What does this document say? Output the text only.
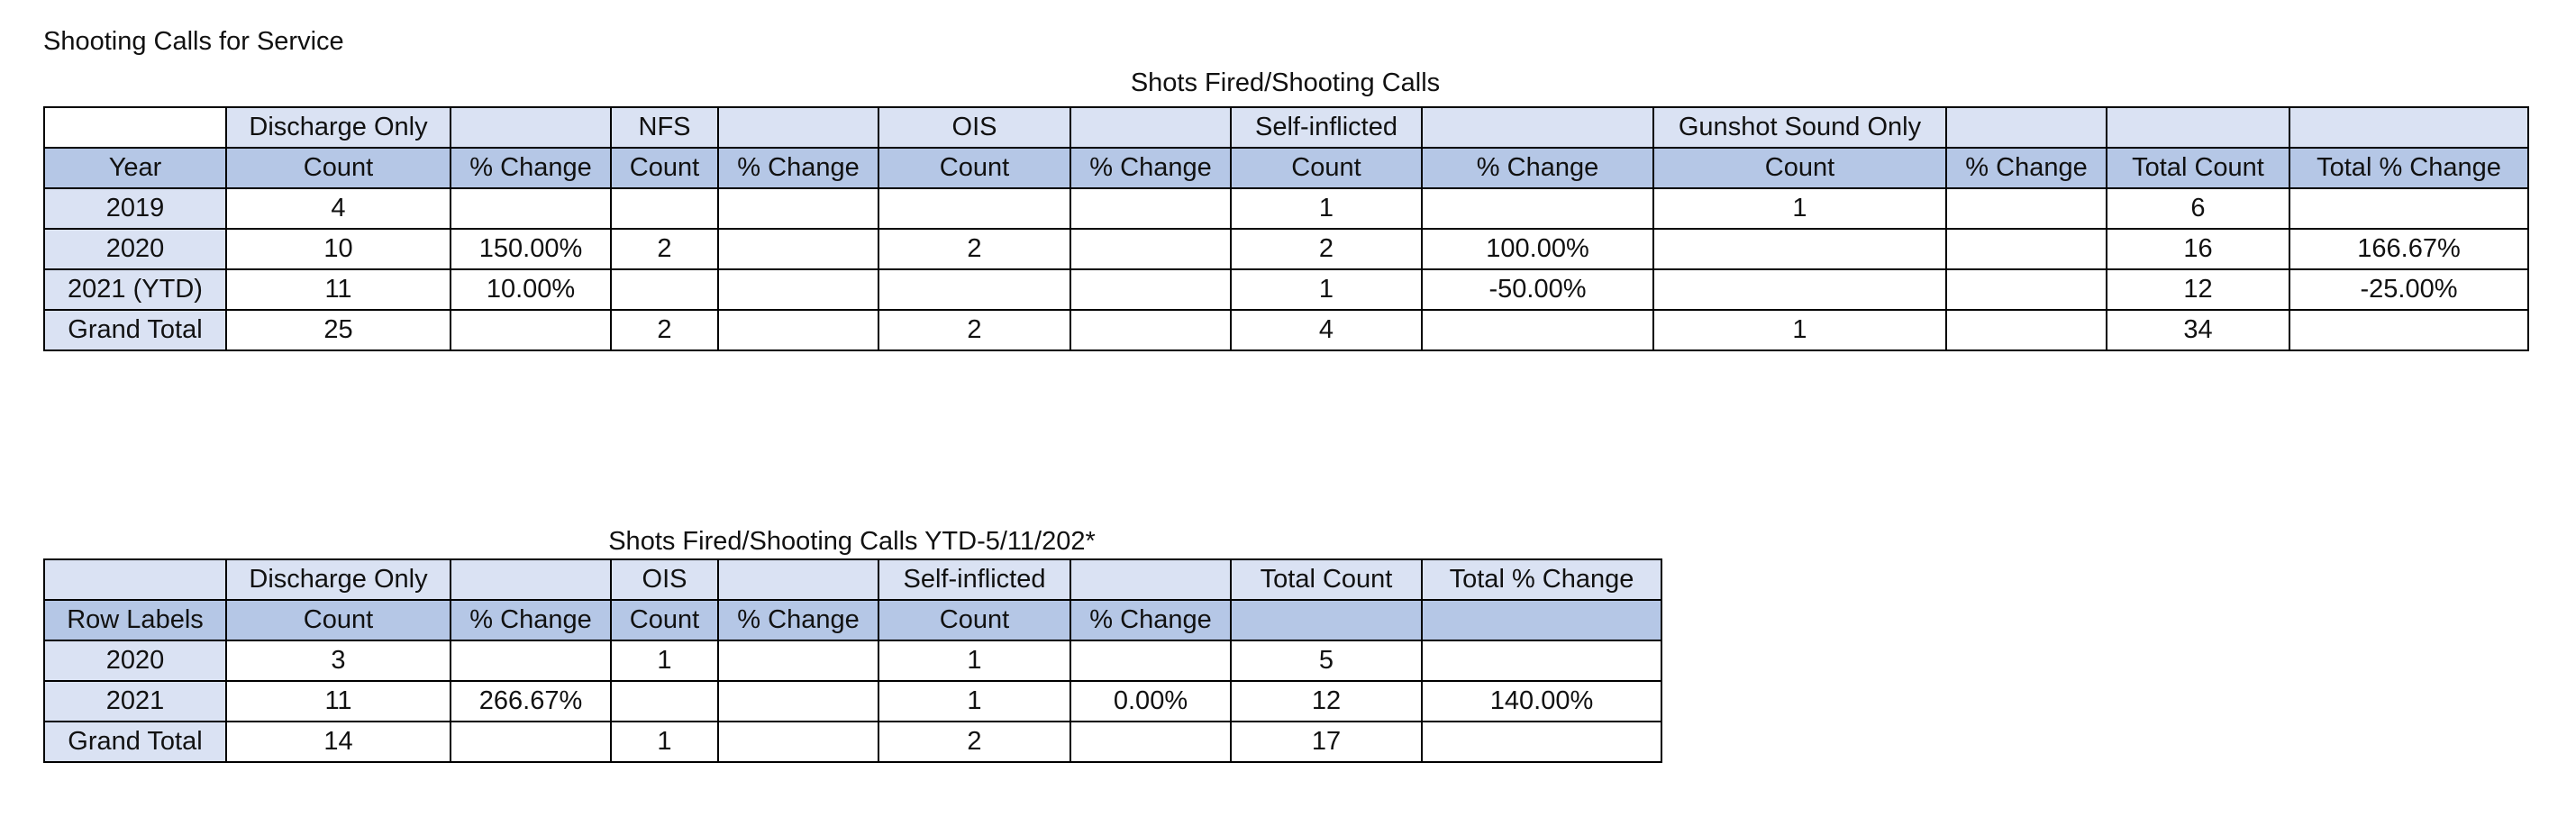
Shooting Calls for Service
Shots Fired/Shooting Calls
	Discharge Only		NFS		OIS		Self-inflicted		Gunshot Sound Only			
Year	Count	% Change	Count	% Change	Count	% Change	Count	% Change	Count	% Change	Total Count	Total % Change
2019	4						1		1		6	
2020	10	150.00%	2		2		2	100.00%			16	166.67%
2021 (YTD)	11	10.00%					1	-50.00%			12	-25.00%
Grand Total	25		2		2		4		1		34	
Shots Fired/Shooting Calls YTD-5/11/202*
	Discharge Only		OIS		Self-inflicted		Total Count	Total % Change
Row Labels	Count	% Change	Count	% Change	Count	% Change		
2020	3		1		1		5	
2021	11	266.67%			1	0.00%	12	140.00%
Grand Total	14		1		2		17	
